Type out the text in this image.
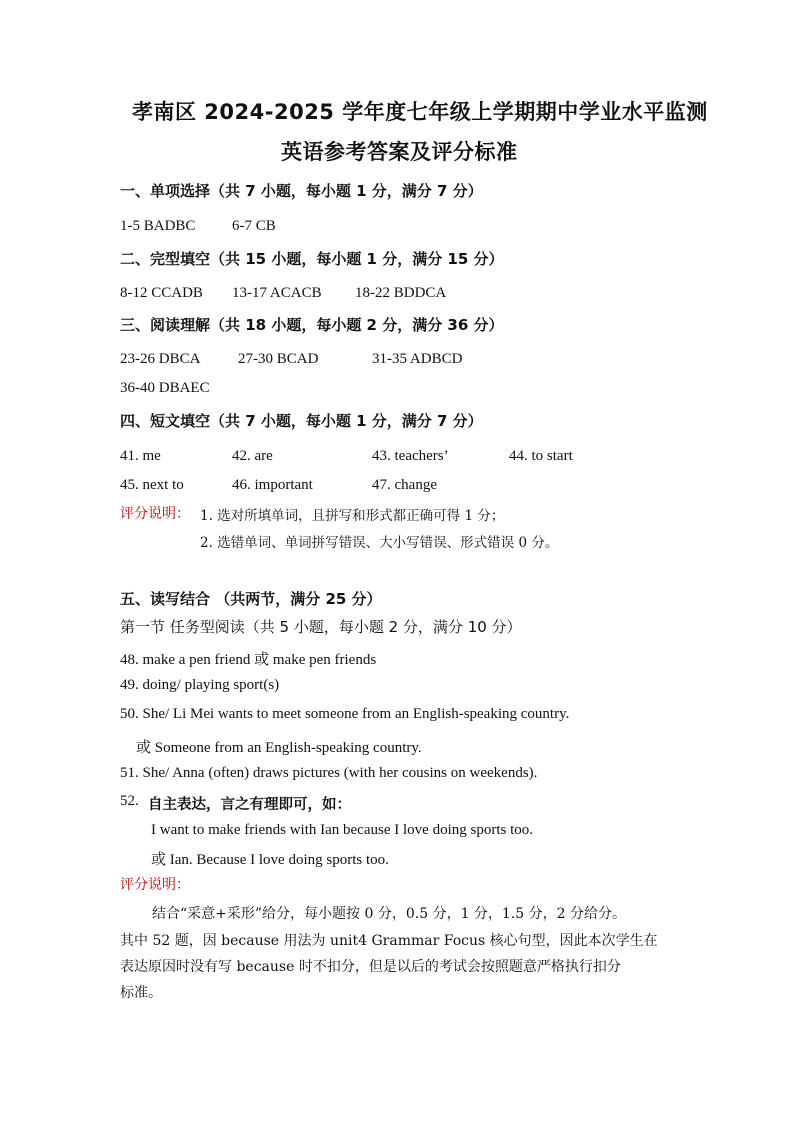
孝南区 2024-2025 学年度七年级上学期期中学业水平监测
英语参考答案及评分标准
一、单项选择（共 7 小题，每小题 1 分，满分 7 分）
1-5 BADBC 6-7 CB
二、完型填空（共 15 小题，每小题 1 分，满分 15 分）
8-12 CCADB 13-17 ACACB 18-22 BDDCA
三、阅读理解（共 18 小题，每小题 2 分，满分 36 分）
23-26 DBCA	27-30 BCAD	31-35 ADBCD
36-40 DBAEC
四、短文填空（共 7 小题，每小题 1 分，满分 7 分）
41. me	42. are	43. teachers’	44. to start
45. next to	46. important	47. change
评分说明： 1. 选对所填单词，且拼写和形式都正确可得 1 分；
2. 选错单词、单词拼写错误、大小写错误、形式错误 0 分。
五、读写结合 （共两节，满分 25 分）
第一节 任务型阅读（共 5 小题，每小题 2 分，满分 10 分）
48. make a pen friend 或 make pen friends
49. doing/ playing sport(s)
50. She/ Li Mei wants to meet someone from an English-speaking country.
或 Someone from an English-speaking country.
51. She/ Anna (often) draws pictures (with her cousins on weekends).
52. 自主表达，言之有理即可，如：
I want to make friends with Ian because I love doing sports too.
或 Ian. Because I love doing sports too.
评分说明：
结合“采意+采形”给分，每小题按 0 分，0.5 分，1 分，1.5 分，2 分给分。
其中 52 题，因 because 用法为 unit4 Grammar Focus 核心句型，因此本次学生在
表达原因时没有写 because 时不扣分，但是以后的考试会按照题意严格执行扣分
标准。
